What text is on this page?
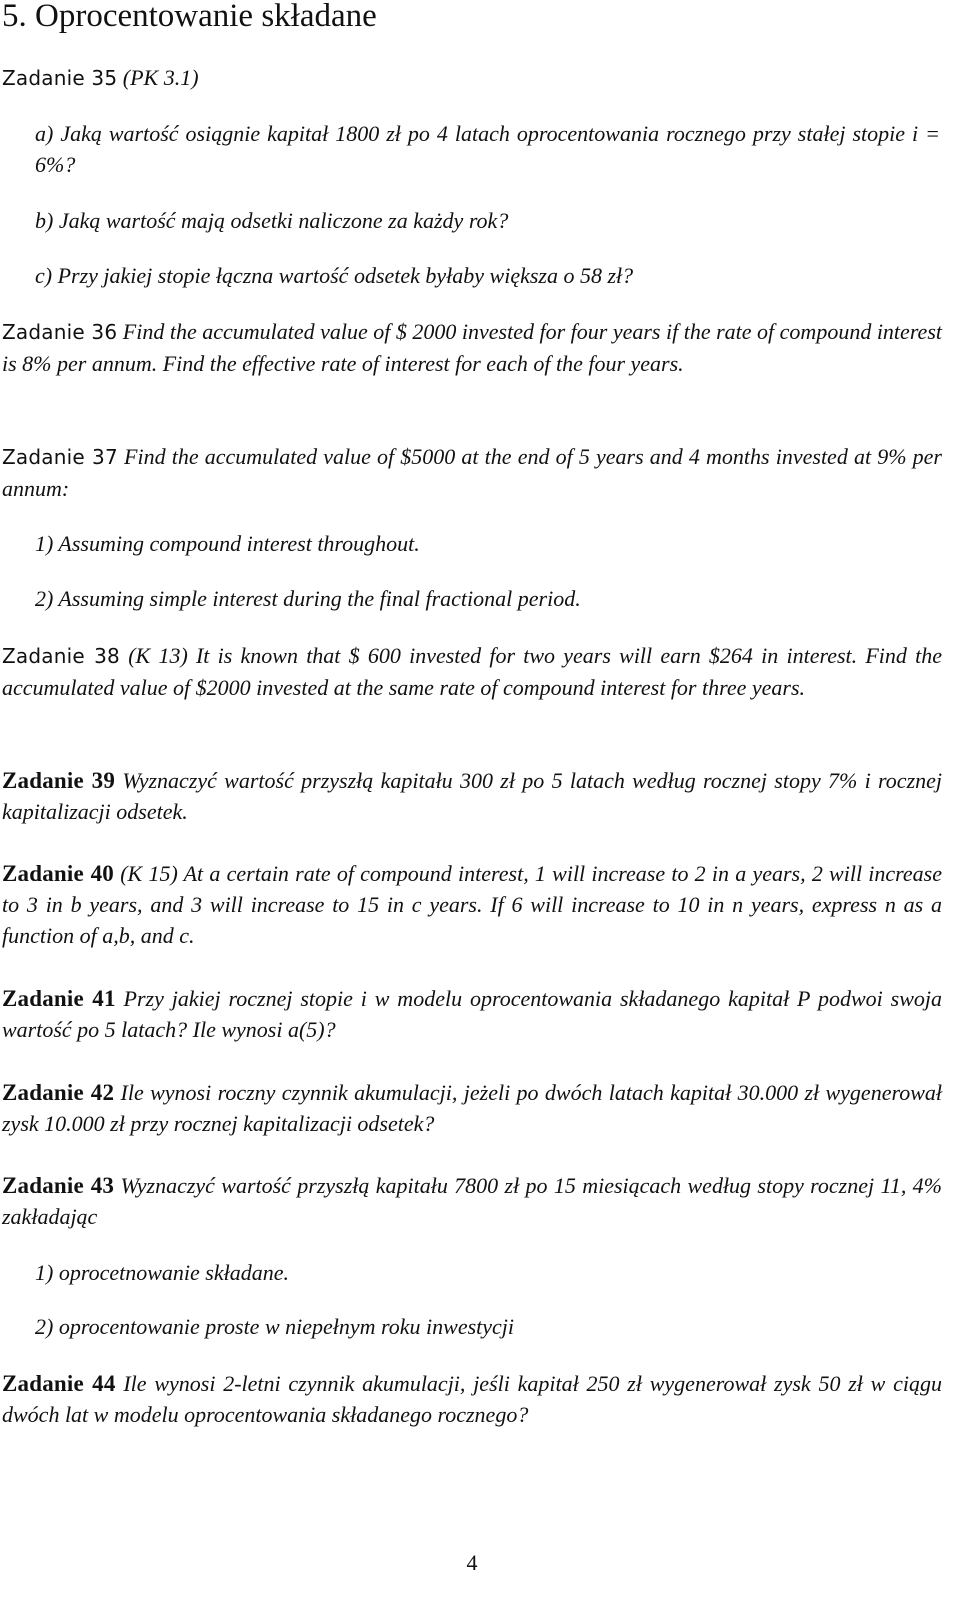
5. Oprocentowanie składane
Zadanie 35 (PK 3.1)
a) Jaką wartość osiągnie kapitał 1800 zł po 4 latach oprocentowania rocznego przy stałej stopie i = 6%?
b) Jaką wartość mają odsetki naliczone za każdy rok?
c) Przy jakiej stopie łączna wartość odsetek byłaby większa o 58 zł?
Zadanie 36 Find the accumulated value of $ 2000 invested for four years if the rate of compound interest is 8% per annum. Find the effective rate of interest for each of the four years.
Zadanie 37 Find the accumulated value of $5000 at the end of 5 years and 4 months invested at 9% per annum:
1) Assuming compound interest throughout.
2) Assuming simple interest during the final fractional period.
Zadanie 38 (K 13) It is known that $ 600 invested for two years will earn $264 in interest. Find the accumulated value of $2000 invested at the same rate of compound interest for three years.
Zadanie 39 Wyznaczyć wartość przyszłą kapitału 300 zł po 5 latach według rocznej stopy 7% i rocznej kapitalizacji odsetek.
Zadanie 40 (K 15) At a certain rate of compound interest, 1 will increase to 2 in a years, 2 will increase to 3 in b years, and 3 will increase to 15 in c years. If 6 will increase to 10 in n years, express n as a function of a,b, and c.
Zadanie 41 Przy jakiej rocznej stopie i w modelu oprocentowania składanego kapitał P podwoi swoja wartość po 5 latach? Ile wynosi a(5)?
Zadanie 42 Ile wynosi roczny czynnik akumulacji, jeżeli po dwóch latach kapitał 30.000 zł wygenerował zysk 10.000 zł przy rocznej kapitalizacji odsetek?
Zadanie 43 Wyznaczyć wartość przyszłą kapitału 7800 zł po 15 miesiącach według stopy rocznej 11, 4% zakładając
1) oprocetnowanie składane.
2) oprocentowanie proste w niepełnym roku inwestycji
Zadanie 44 Ile wynosi 2-letni czynnik akumulacji, jeśli kapitał 250 zł wygenerował zysk 50 zł w ciągu dwóch lat w modelu oprocentowania składanego rocznego?
4
